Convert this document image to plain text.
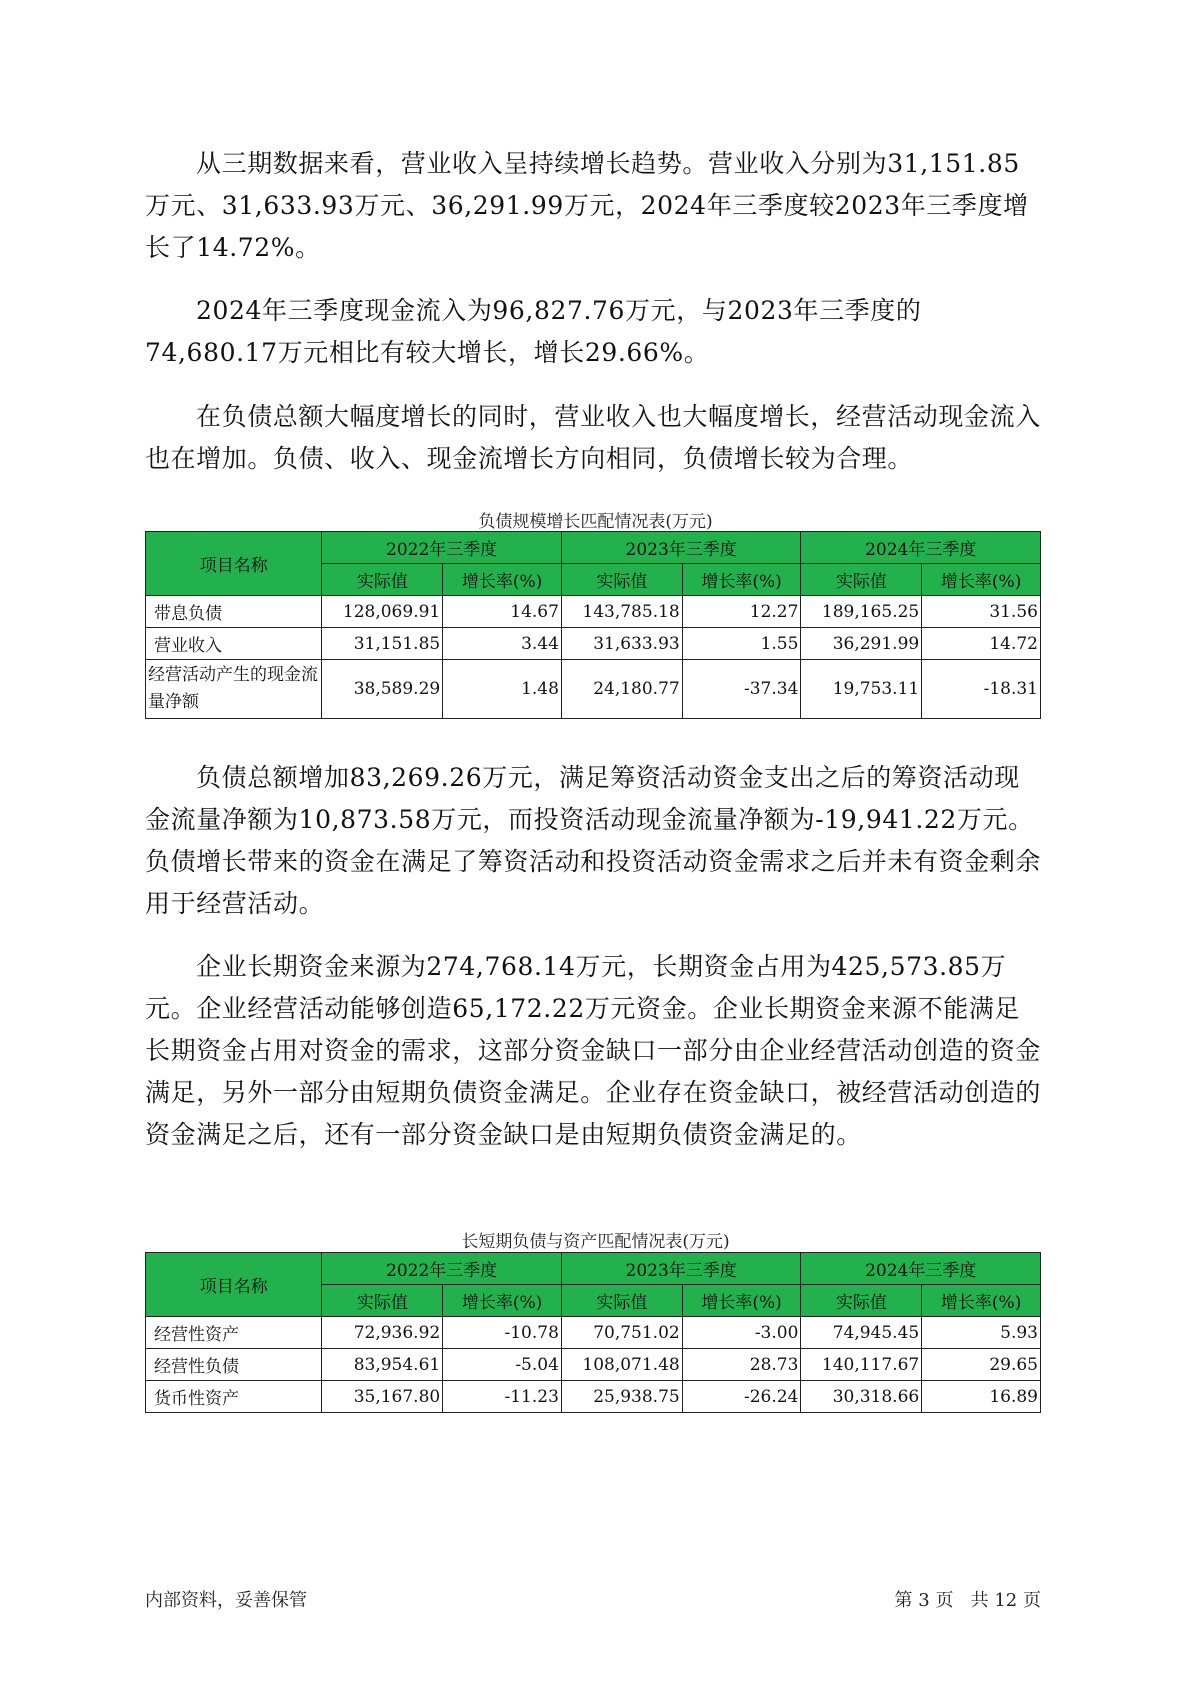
从三期数据来看，营业收入呈持续增长趋势。营业收入分别为31,151.85万元、31,633.93万元、36,291.99万元，2024年三季度较2023年三季度增长了14.72%。

2024年三季度现金流入为96,827.76万元，与2023年三季度的74,680.17万元相比有较大增长，增长29.66%。

在负债总额大幅度增长的同时，营业收入也大幅度增长，经营活动现金流入也在增加。负债、收入、现金流增长方向相同，负债增长较为合理。

负债规模增长匹配情况表(万元)

项目名称	2022年三季度		2023年三季度		2024年三季度	
	实际值	增长率(%)	实际值	增长率(%)	实际值	增长率(%)
带息负债	128,069.91	14.67	143,785.18	12.27	189,165.25	31.56
营业收入	31,151.85	3.44	31,633.93	1.55	36,291.99	14.72
经营活动产生的现金流量净额	38,589.29	1.48	24,180.77	-37.34	19,753.11	-18.31

负债总额增加83,269.26万元，满足筹资活动资金支出之后的筹资活动现金流量净额为10,873.58万元，而投资活动现金流量净额为-19,941.22万元。负债增长带来的资金在满足了筹资活动和投资活动资金需求之后并未有资金剩余用于经营活动。

企业长期资金来源为274,768.14万元，长期资金占用为425,573.85万元。企业经营活动能够创造65,172.22万元资金。企业长期资金来源不能满足长期资金占用对资金的需求，这部分资金缺口一部分由企业经营活动创造的资金满足，另外一部分由短期负债资金满足。企业存在资金缺口，被经营活动创造的资金满足之后，还有一部分资金缺口是由短期负债资金满足的。

长短期负债与资产匹配情况表(万元)

项目名称	2022年三季度		2023年三季度		2024年三季度	
	实际值	增长率(%)	实际值	增长率(%)	实际值	增长率(%)
经营性资产	72,936.92	-10.78	70,751.02	-3.00	74,945.45	5.93
经营性负债	83,954.61	-5.04	108,071.48	28.73	140,117.67	29.65
货币性资产	35,167.80	-11.23	25,938.75	-26.24	30,318.66	16.89
内部资料，妥善保管	第 3 页 共 12 页
